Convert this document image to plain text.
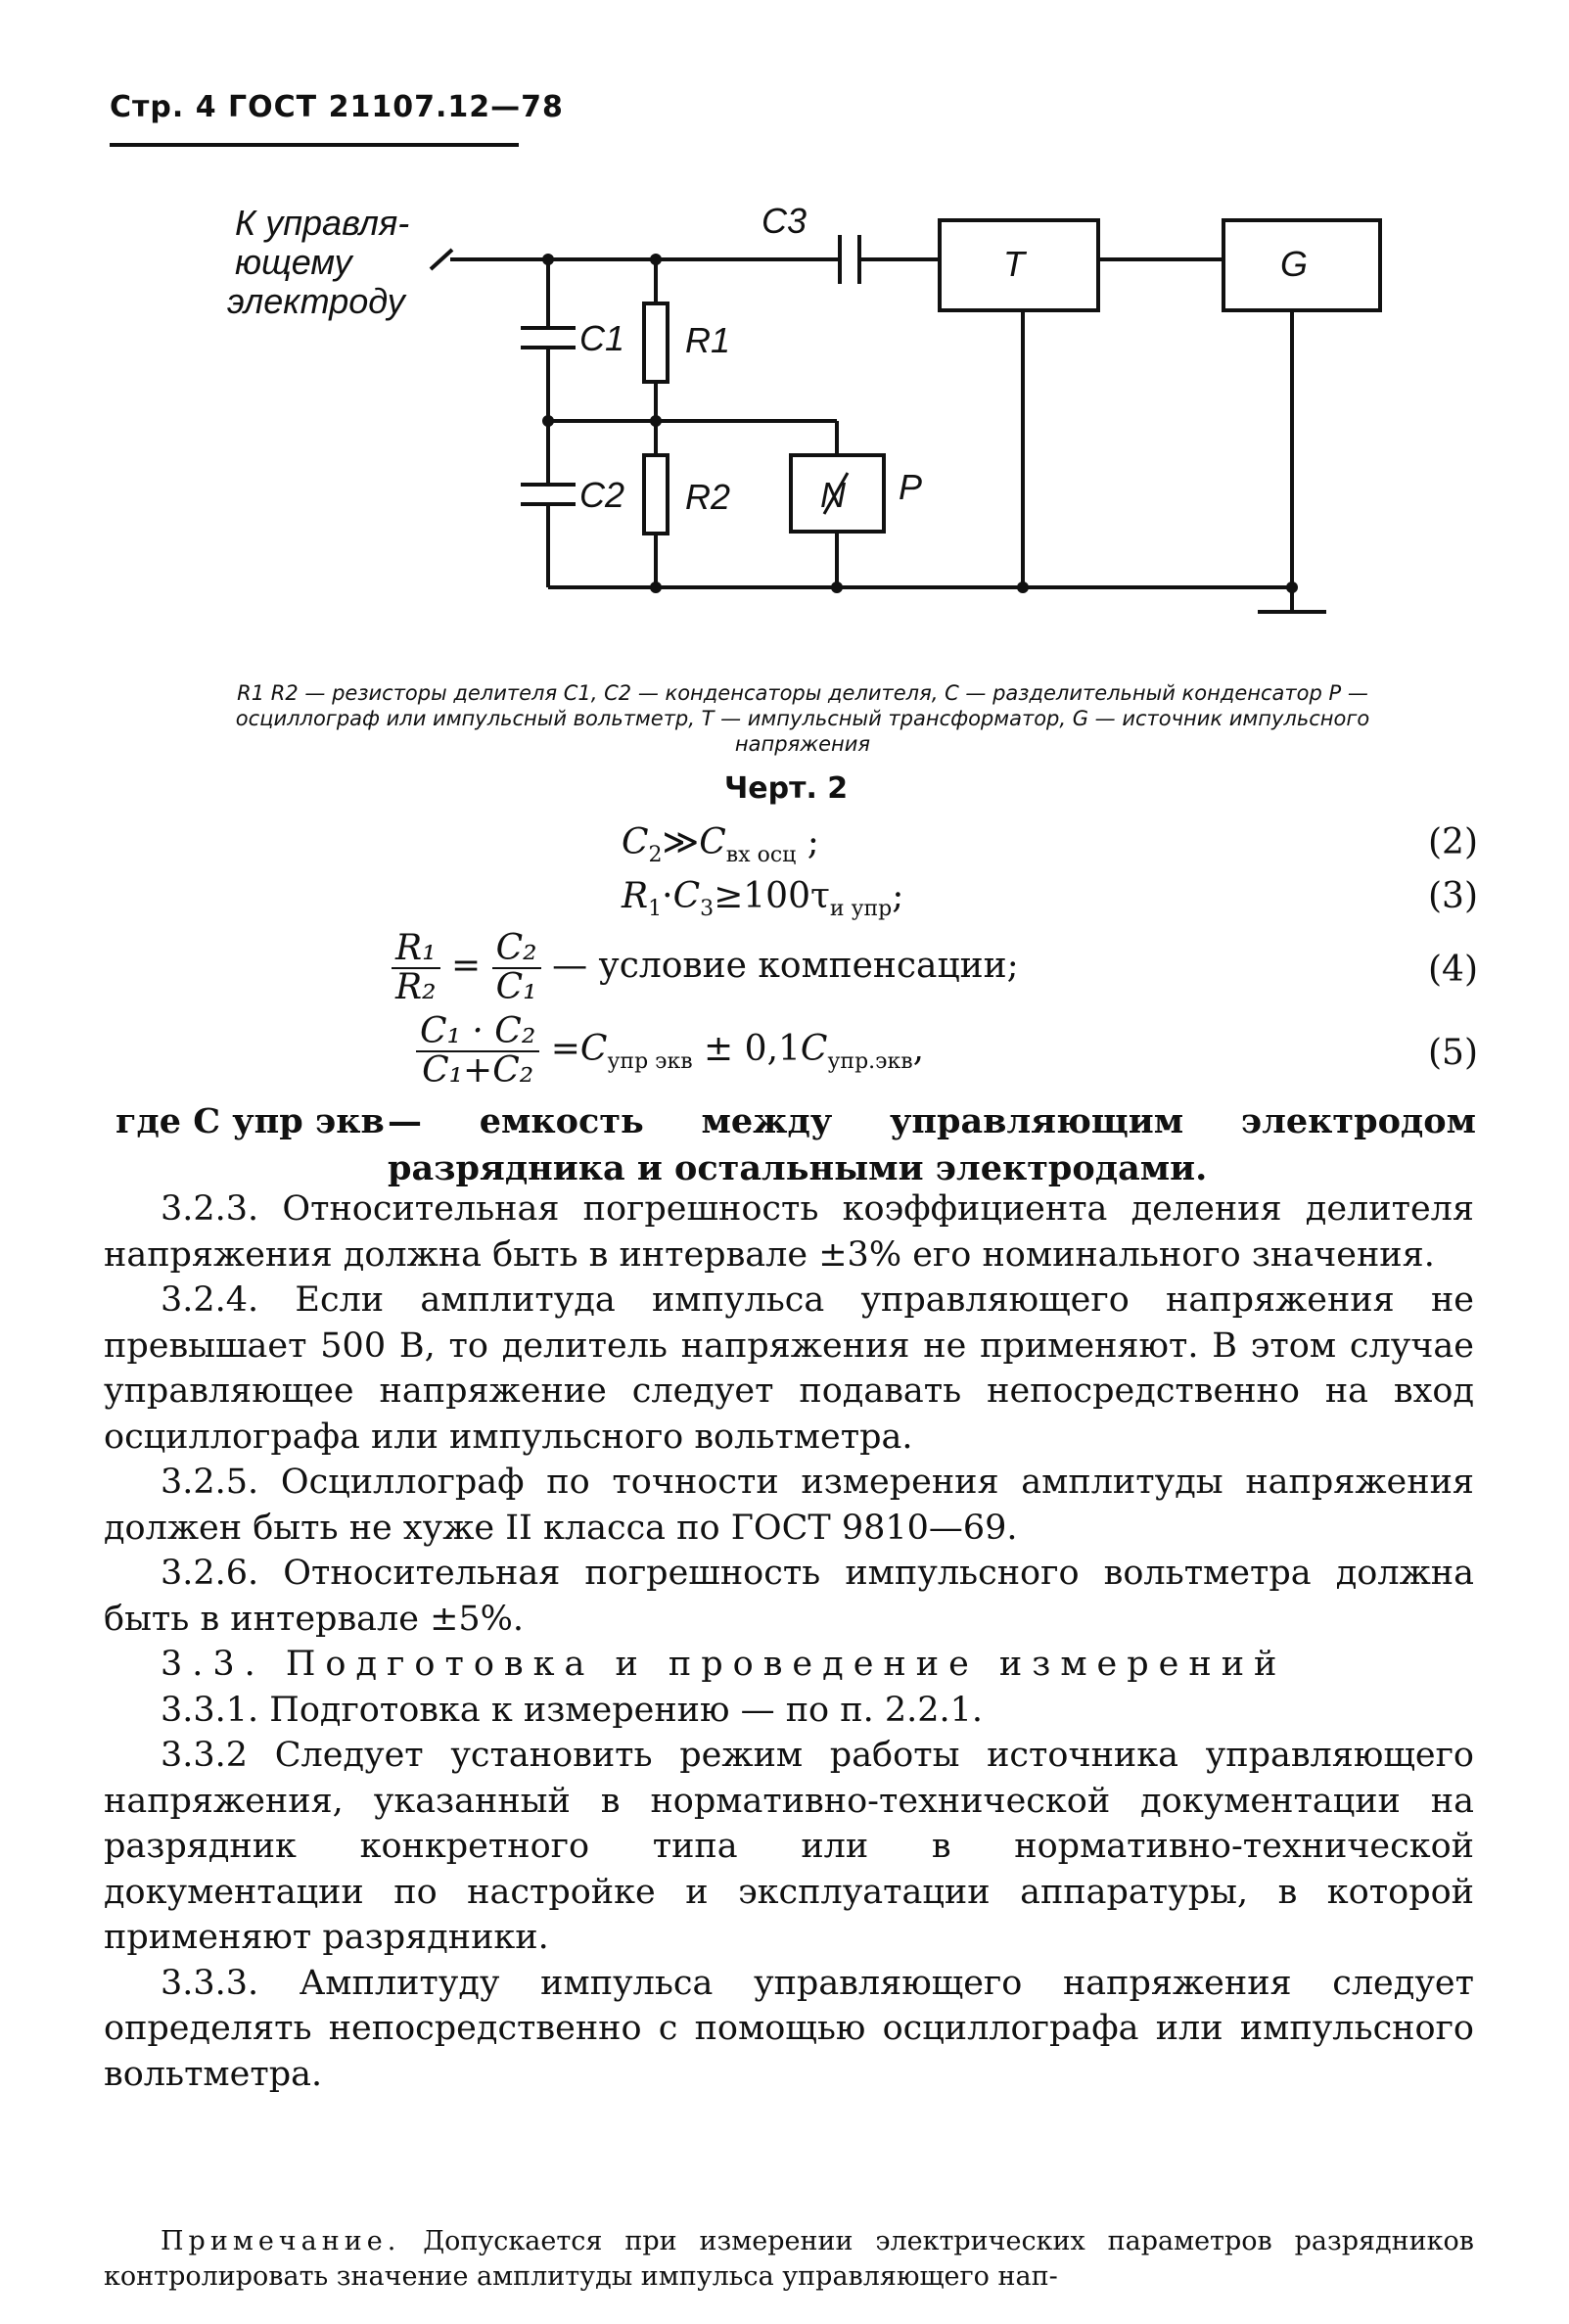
Стр. 4 ГОСТ 21107.12—78
К управля-
ющему
электроду
C1 R1
C2 R2
C3
N P
T	G
R1 R2 — резисторы делителя C1, C2 — конденсаторы делителя, C — разделительный конденсатор P — осциллограф или импульсный вольтметр, T — импульсный трансформатор, G — источник импульсного напряжения
Черт. 2
$C_2≫C_{вх осц}$ ;	(2)
$R_1\cdot C_3\ge 100\tau_{и упр}$;	(3)
$\frac{\text{R₁}}{\text{R₂}} = \frac{\text{C₂}}{\text{C₁}}$ — условие компенсации;	(4)
$\frac{\text{C₁ · C₂}}{\text{C₁+C₂}} =C_{упр экв} \pm 0,1C_{упр.экв}$,	(5)
где C упр экв — емкость между управляющим электродом разрядника и остальными электродами.

3.2.3. Относительная погрешность коэффициента деления делителя напряжения должна быть в интервале ±3% его номинального значения.

3.2.4. Если амплитуда импульса управляющего напряжения не превышает 500 В, то делитель напряжения не применяют. В этом случае управляющее напряжение следует подавать непосредственно на вход осциллографа или импульсного вольтметра.

3.2.5. Осциллограф по точности измерения амплитуды напряжения должен быть не хуже II класса по ГОСТ 9810—69.

3.2.6. Относительная погрешность импульсного вольтметра должна быть в интервале ±5%.

3.3. Подготовка и проведение измерений

3.3.1. Подготовка к измерению — по п. 2.2.1.

3.3.2 Следует установить режим работы источника управляющего напряжения, указанный в нормативно-технической документации на разрядник конкретного типа или в нормативно-технической документации по настройке и эксплуатации аппаратуры, в которой применяют разрядники.

3.3.3. Амплитуду импульса управляющего напряжения следует определять непосредственно с помощью осциллографа или импульсного вольтметра.

Примечание. Допускается при измерении электрических параметров разрядников контролировать значение амплитуды импульса управляющего нап-
